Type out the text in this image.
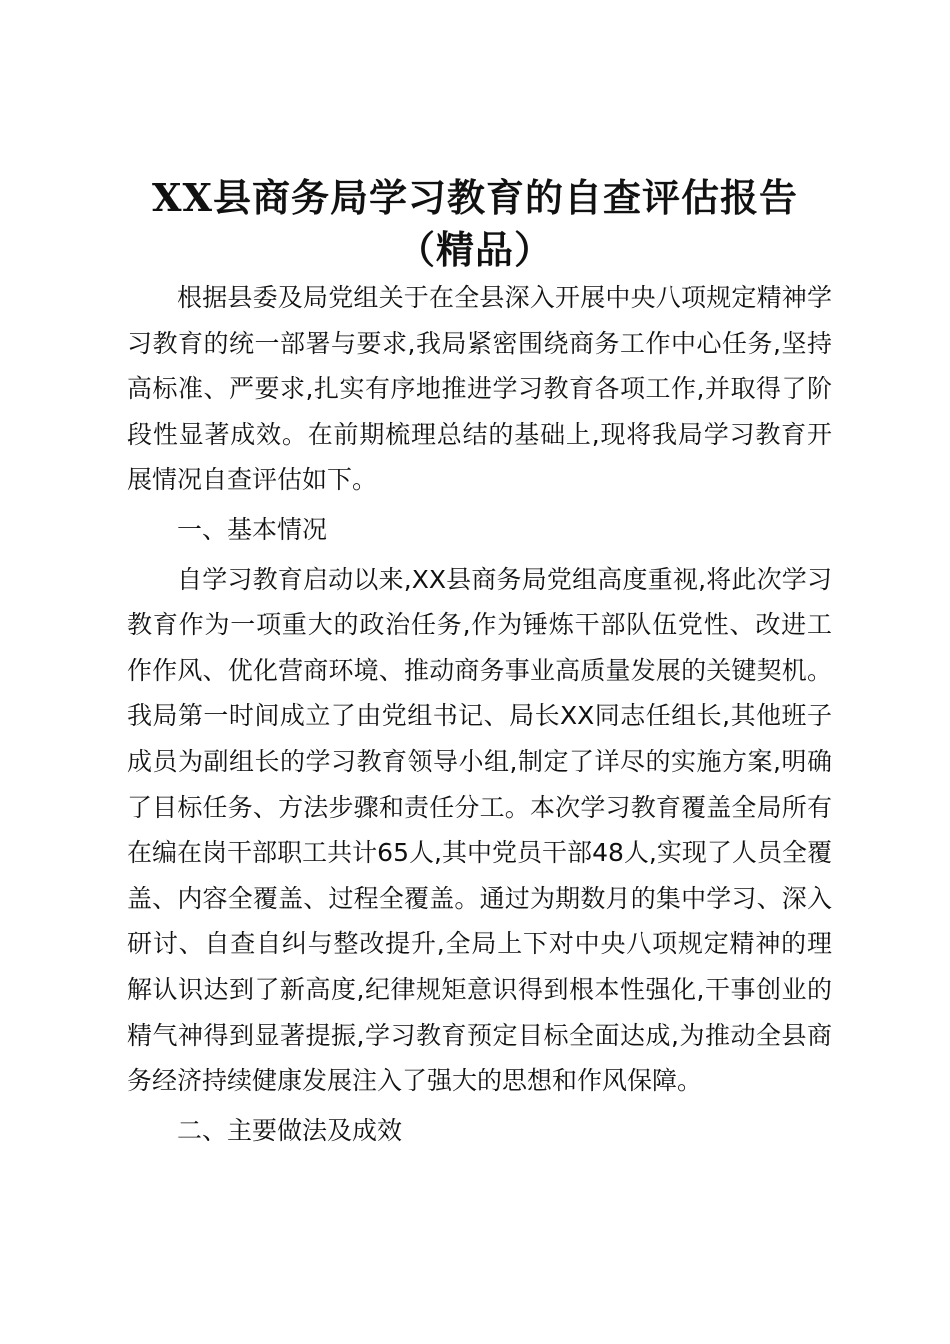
XX县商务局学习教育的自查评估报告
（精品）

根据县委及局党组关于在全县深入开展中央八项规定精神学习教育的统一部署与要求,我局紧密围绕商务工作中心任务,坚持高标准、严要求,扎实有序地推进学习教育各项工作,并取得了阶段性显著成效。在前期梳理总结的基础上,现将我局学习教育开展情况自查评估如下。

一、基本情况

自学习教育启动以来,XX县商务局党组高度重视,将此次学习教育作为一项重大的政治任务,作为锤炼干部队伍党性、改进工作作风、优化营商环境、推动商务事业高质量发展的关键契机。我局第一时间成立了由党组书记、局长XX同志任组长,其他班子成员为副组长的学习教育领导小组,制定了详尽的实施方案,明确了目标任务、方法步骤和责任分工。本次学习教育覆盖全局所有在编在岗干部职工共计65人,其中党员干部48人,实现了人员全覆盖、内容全覆盖、过程全覆盖。通过为期数月的集中学习、深入研讨、自查自纠与整改提升,全局上下对中央八项规定精神的理解认识达到了新高度,纪律规矩意识得到根本性强化,干事创业的精气神得到显著提振,学习教育预定目标全面达成,为推动全县商务经济持续健康发展注入了强大的思想和作风保障。

二、主要做法及成效
